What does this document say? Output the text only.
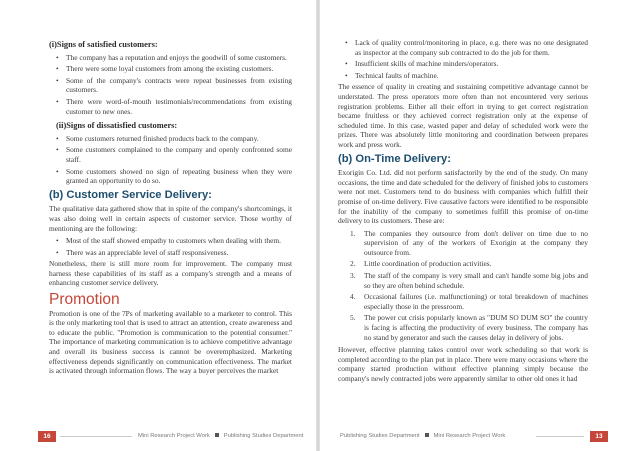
(i)Signs of satisfied customers:
• The company has a reputation and enjoys the goodwill of some customers.
• There were some loyal customers from among the existing customers.
• Some of the company's contracts were repeat businesses from existing customers.
• There were word-of-mouth testimonials/recommendations from existing customer to new ones.
(ii)Signs of dissatisfied customers:
• Some customers returned finished products back to the company.
• Some customers complained to the company and openly confronted some staff.
• Some customers showed no sign of repeating business when they were granted an opportunity to do so.
(b) Customer Service Delivery:

The qualitative data gathered show that in spite of the company's shortcomings, it was also doing well in certain aspects of customer service. Those worthy of mentioning are the following:

• Most of the staff showed empathy to customers when dealing with them.
• There was an appreciable level of staff responsiveness.

Nonetheless, there is still more room for improvement. The company must harness these capabilities of its staff as a company's strength and a means of enhancing customer service delivery.

Promotion

Promotion is one of the 7Ps of marketing available to a marketer to control. This is the only marketing tool that is used to attract an attention, create awareness and to educate the public. "Promotion is communication to the potential consumer." The importance of marketing communication is to achieve competitive advantage and overall its business success is cannot be overemphasized. Marketing effectiveness depends significantly on communication effectiveness. The market is activated through information flows. The way a buyer perceives the market

16	Mini Research Project Work Publishing Studies Department
• Lack of quality control/monitoring in place, e.g. there was no one designated as inspector at the company sub contracted to do the job for them.
• Insufficient skills of machine minders/operators.
• Technical faults of machine.

The essence of quality in creating and sustaining competitive advantage cannot be understated. The press operators more often than not encountered very serious registration problems. Either all their effort in trying to get correct registration became fruitless or they achieved correct registration only at the expense of scheduled time. In this case, wasted paper and delay of scheduled work were the prizes. There was absolutely little monitoring and coordination between prepares work and press work.

(b) On-Time Delivery:

Exorigin Co. Ltd. did not perform satisfactorily by the end of the study. On many occasions, the time and date scheduled for the delivery of finished jobs to customers were not met. Customers tend to do business with companies which fulfill their promise of on-time delivery. Five causative factors were identified to be responsible for the inability of the company to sometimes fulfill this promise of on-time delivery to its customers. These are:

1. The companies they outsource from don't deliver on time due to no supervision of any of the workers of Exorigin at the company they outsource from.
2. Little coordination of production activities.
3. The staff of the company is very small and can't handle some big jobs and so they are often behind schedule.
4. Occasional failures (i.e. malfunctioning) or total breakdown of machines especially those in the pressroom.
5. The power cut crisis popularly known as "DUM SO DUM SO" the country is facing is affecting the productivity of every business. The company has no stand by generator and such the causes delay in delivery of jobs.

However, effective planning takes control over work scheduling so that work is completed according to the plan put in place. There were many occasions where the company started production without effective planning simply because the company's newly contracted jobs were apparently similar to other old ones it had

Publishing Studies Department Mini Research Project Work	13
